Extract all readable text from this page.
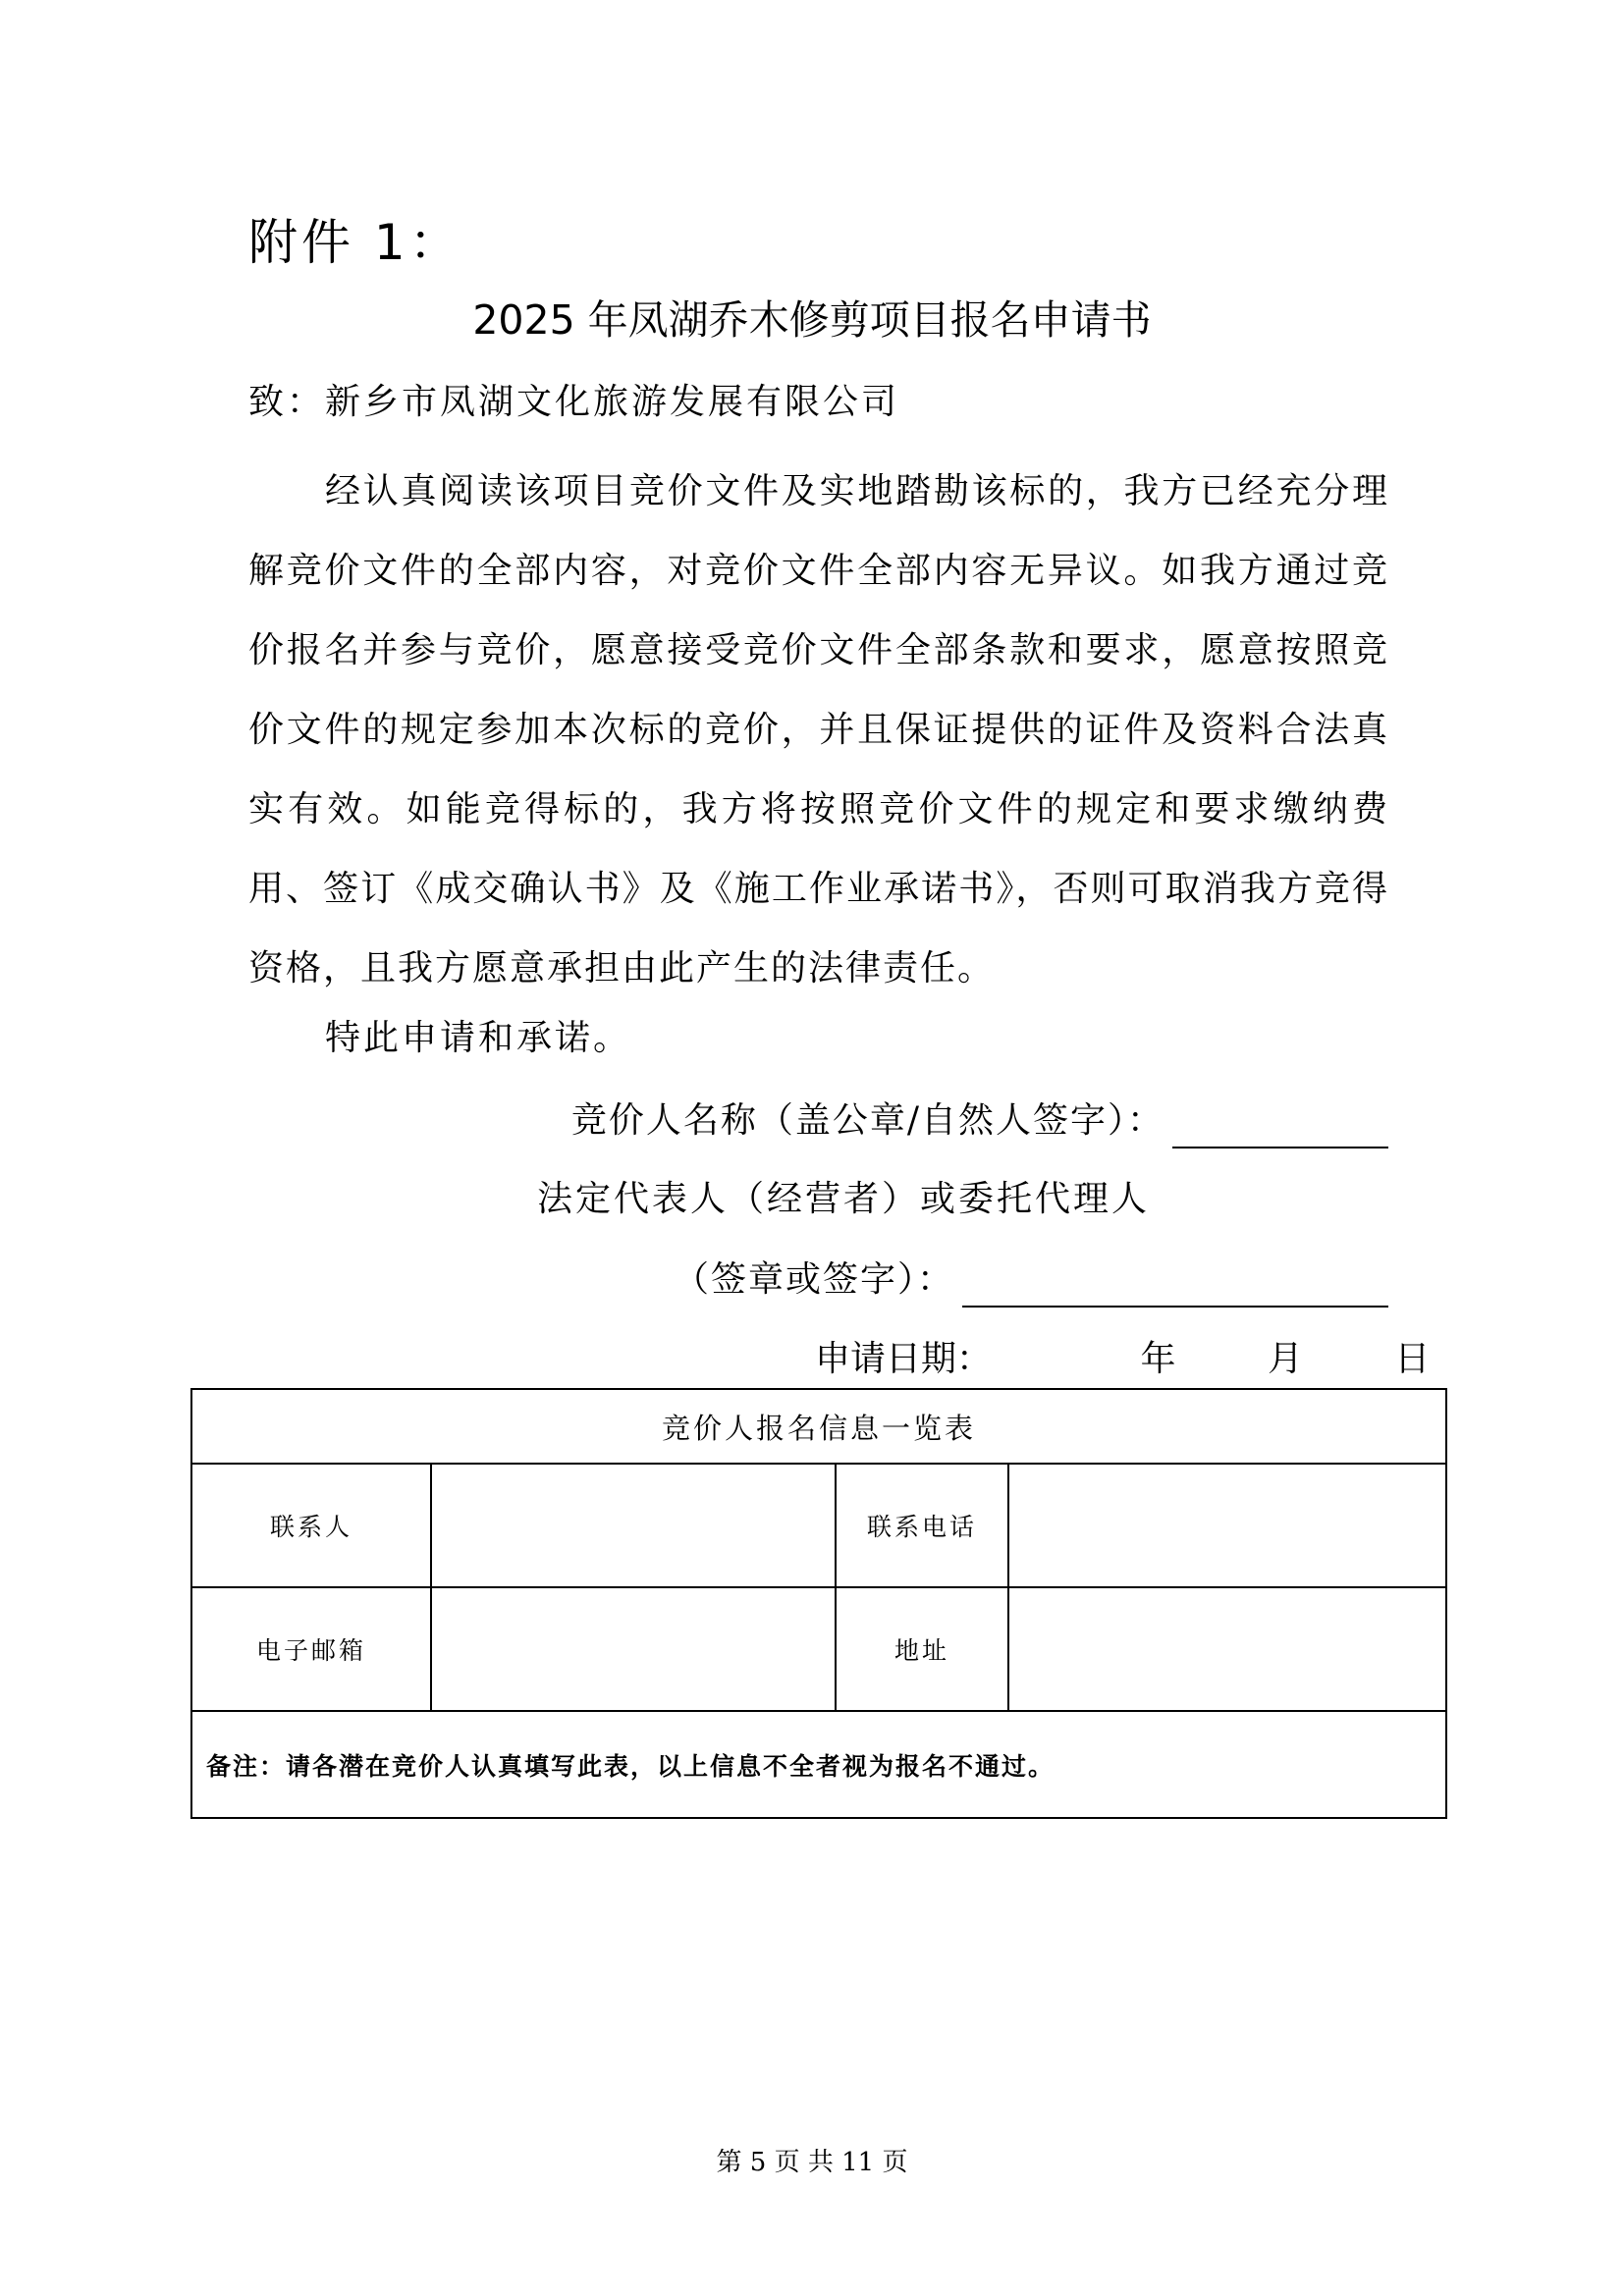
附件 1：
2025 年凤湖乔木修剪项目报名申请书
致：新乡市凤湖文化旅游发展有限公司
经认真阅读该项目竞价文件及实地踏勘该标的，我方已经充分理解竞价文件的全部内容，对竞价文件全部内容无异议。如我方通过竞价报名并参与竞价，愿意接受竞价文件全部条款和要求，愿意按照竞价文件的规定参加本次标的竞价，并且保证提供的证件及资料合法真实有效。如能竞得标的，我方将按照竞价文件的规定和要求缴纳费用、签订《成交确认书》及《施工作业承诺书》，否则可取消我方竞得资格，且我方愿意承担由此产生的法律责任。
特此申请和承诺。
竞价人名称（盖公章/自然人签字）：
法定代表人（经营者）或委托代理人
（签章或签字）：
申请日期：	年	月	日
竞价人报名信息一览表			
联系人		联系电话	
电子邮箱		地址	
备注：请各潜在竞价人认真填写此表，以上信息不全者视为报名不通过。			
第 5 页 共 11 页
